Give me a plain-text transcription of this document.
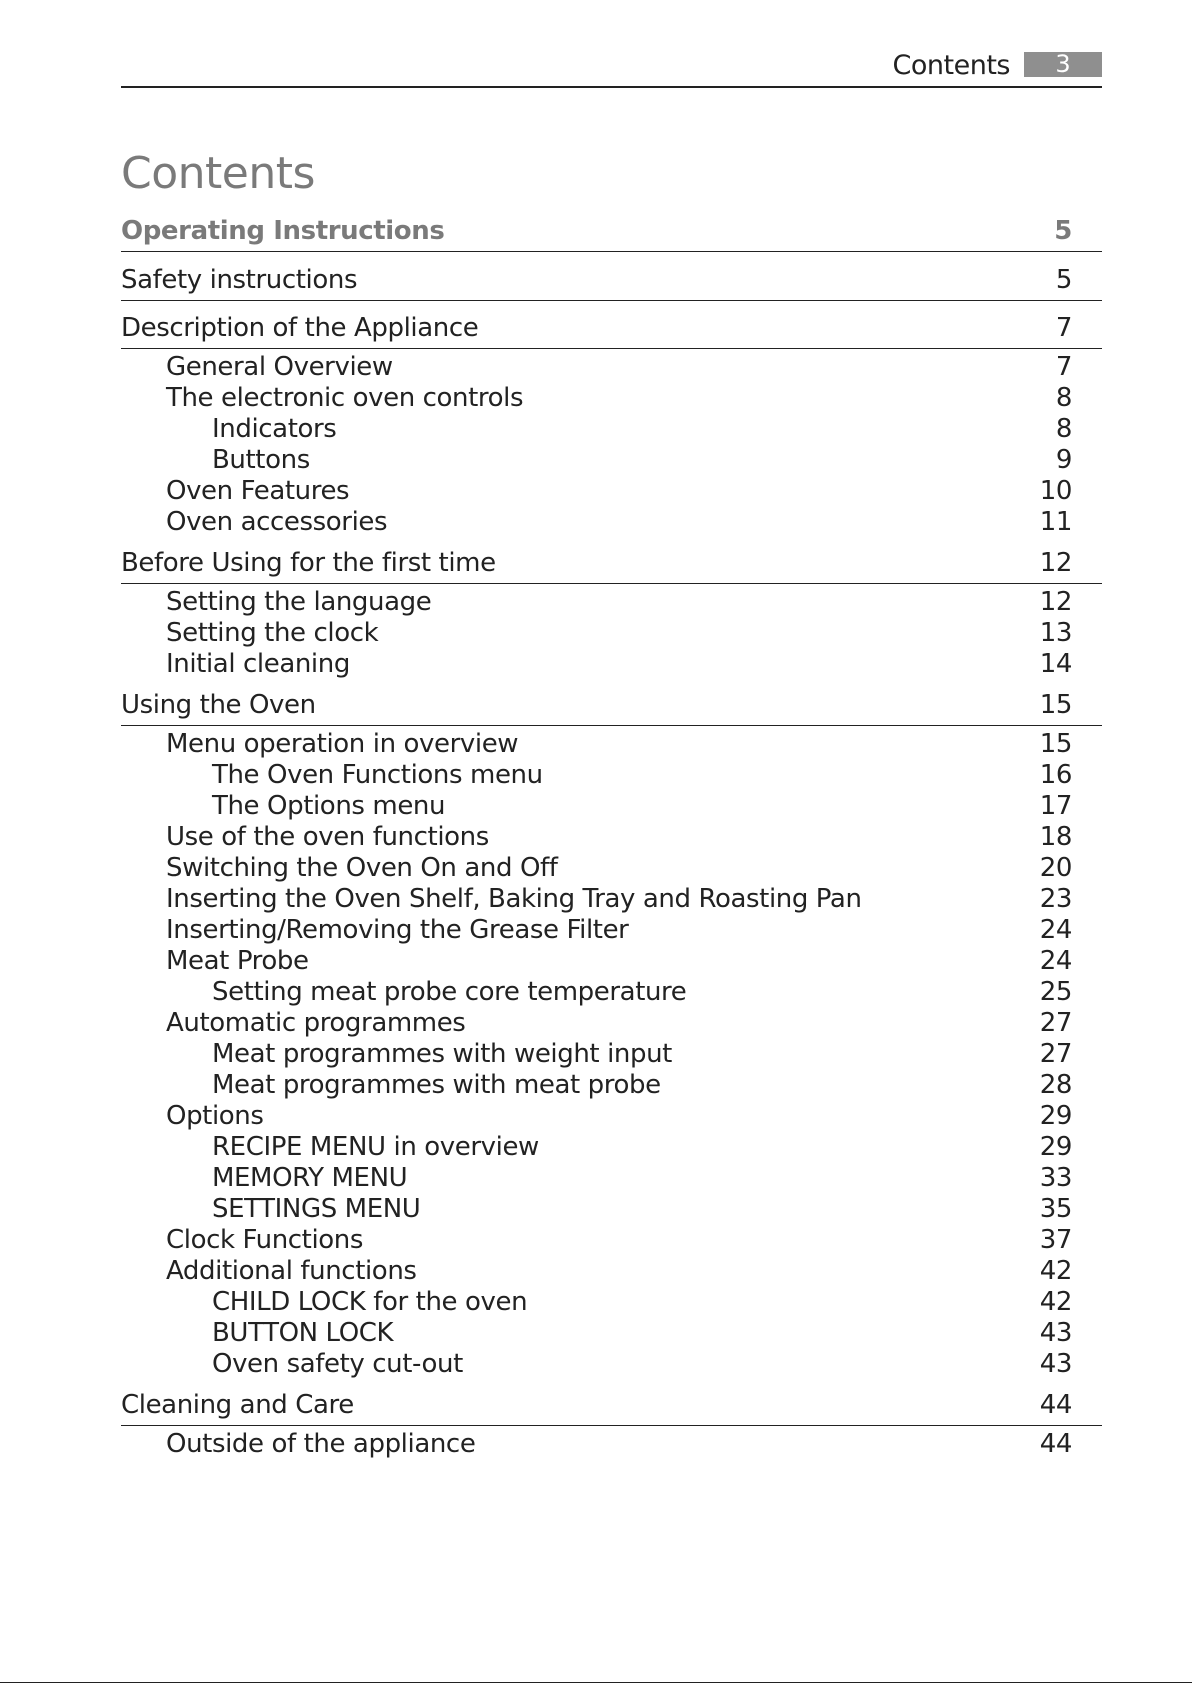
Contents	3
Contents
Operating Instructions	5
Safety instructions	5
Description of the Appliance	7
General Overview	7
The electronic oven controls	8
Indicators	8
Buttons	9
Oven Features	10
Oven accessories	11
Before Using for the first time	12
Setting the language	12
Setting the clock	13
Initial cleaning	14
Using the Oven	15
Menu operation in overview	15
The Oven Functions menu	16
The Options menu	17
Use of the oven functions	18
Switching the Oven On and Off	20
Inserting the Oven Shelf, Baking Tray and Roasting Pan	23
Inserting/Removing the Grease Filter	24
Meat Probe	24
Setting meat probe core temperature	25
Automatic programmes	27
Meat programmes with weight input	27
Meat programmes with meat probe	28
Options	29
RECIPE MENU in overview	29
MEMORY MENU	33
SETTINGS MENU	35
Clock Functions	37
Additional functions	42
CHILD LOCK for the oven	42
BUTTON LOCK	43
Oven safety cut-out	43
Cleaning and Care	44
Outside of the appliance	44
